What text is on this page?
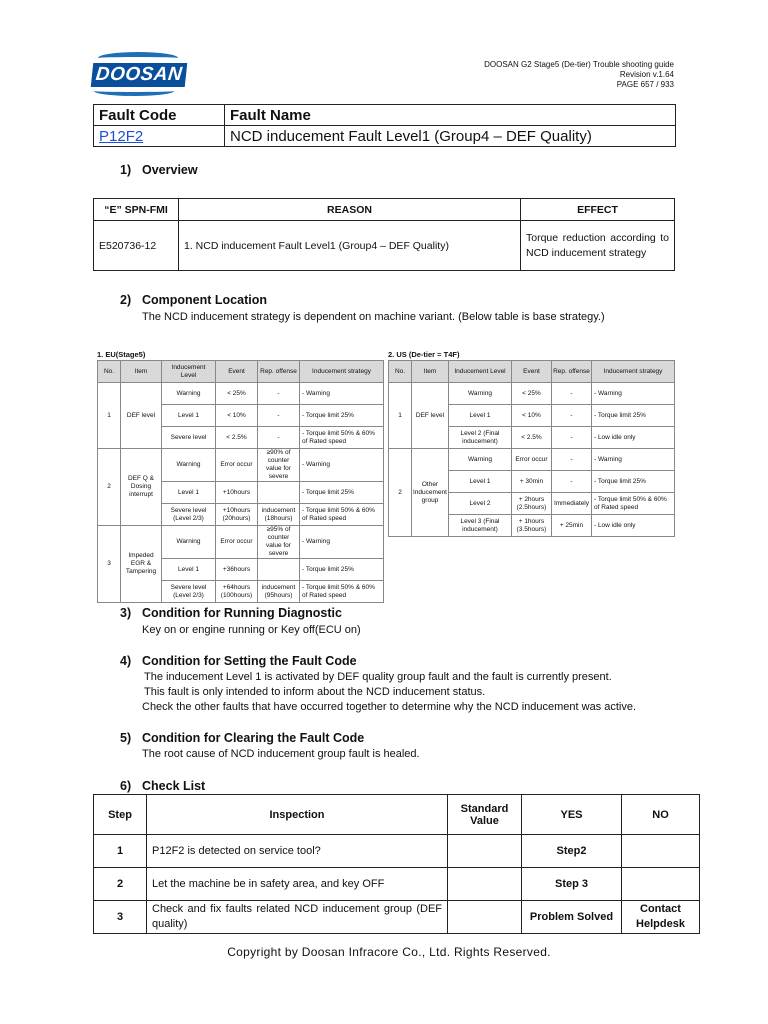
DOOSAN	DOOSAN G2 Stage5 (De-tier) Trouble shooting guide
Revision v.1.64
PAGE 657 / 933
Fault Code	Fault Name
P12F2	NCD inducement Fault Level1 (Group4 – DEF Quality)
1) Overview
“E” SPN-FMI	REASON	EFFECT
E520736-12	1. NCD inducement Fault Level1 (Group4 – DEF Quality)	Torque reduction according to NCD inducement strategy
2) Component Location
The NCD inducement strategy is dependent on machine variant. (Below table is base strategy.)
1. EU(Stage5)
No.	Item	Inducement Level	Event	Rep. offense	Inducement strategy
1	DEF level	Warning	< 25%	-	- Warning
		Level 1	< 10%	-	- Torque limit 25%
		Severe level	< 2.5%	-	- Torque limit 50% & 60% of Rated speed
2	DEF Q & Dosing interrupt	Warning	Error occur	≥90% of counter value for severe	- Warning
		Level 1	+10hours		- Torque limit 25%
		Severe level (Level 2/3)	+10hours (20hours)	inducement (18hours)	- Torque limit 50% & 60% of Rated speed
3	Impeded EGR & Tampering	Warning	Error occur	≥95% of counter value for severe	- Warning
		Level 1	+36hours		- Torque limit 25%
		Severe level (Level 2/3)	+64hours (100hours)	inducement (95hours)	- Torque limit 50% & 60% of Rated speed
2. US (De-tier = T4F)
No.	Item	Inducement Level	Event	Rep. offense	Inducement strategy
1	DEF level	Warning	< 25%	-	- Warning
		Level 1	< 10%	-	- Torque limit 25%
		Level 2 (Final inducement)	< 2.5%	-	- Low idle only
2	Other Inducement group	Warning	Error occur	-	- Warning
		Level 1	+ 30min	-	- Torque limit 25%
		Level 2	+ 2hours (2.5hours)	Immediately	- Torque limit 50% & 60% of Rated speed
		Level 3 (Final inducement)	+ 1hours (3.5hours)	+ 25min	- Low idle only
3) Condition for Running Diagnostic
Key on or engine running or Key off(ECU on)
4) Condition for Setting the Fault Code
The inducement Level 1 is activated by DEF quality group fault and the fault is currently present.
This fault is only intended to inform about the NCD inducement status.
Check the other faults that have occurred together to determine why the NCD inducement was active.
5) Condition for Clearing the Fault Code
The root cause of NCD inducement group fault is healed.
6) Check List
Step	Inspection	Standard Value	YES	NO
1	P12F2 is detected on service tool?		Step2	
2	Let the machine be in safety area, and key OFF		Step 3	
3	Check and fix faults related NCD inducement group (DEF quality)		Problem Solved	Contact Helpdesk
Copyright by Doosan Infracore Co., Ltd. Rights Reserved.
